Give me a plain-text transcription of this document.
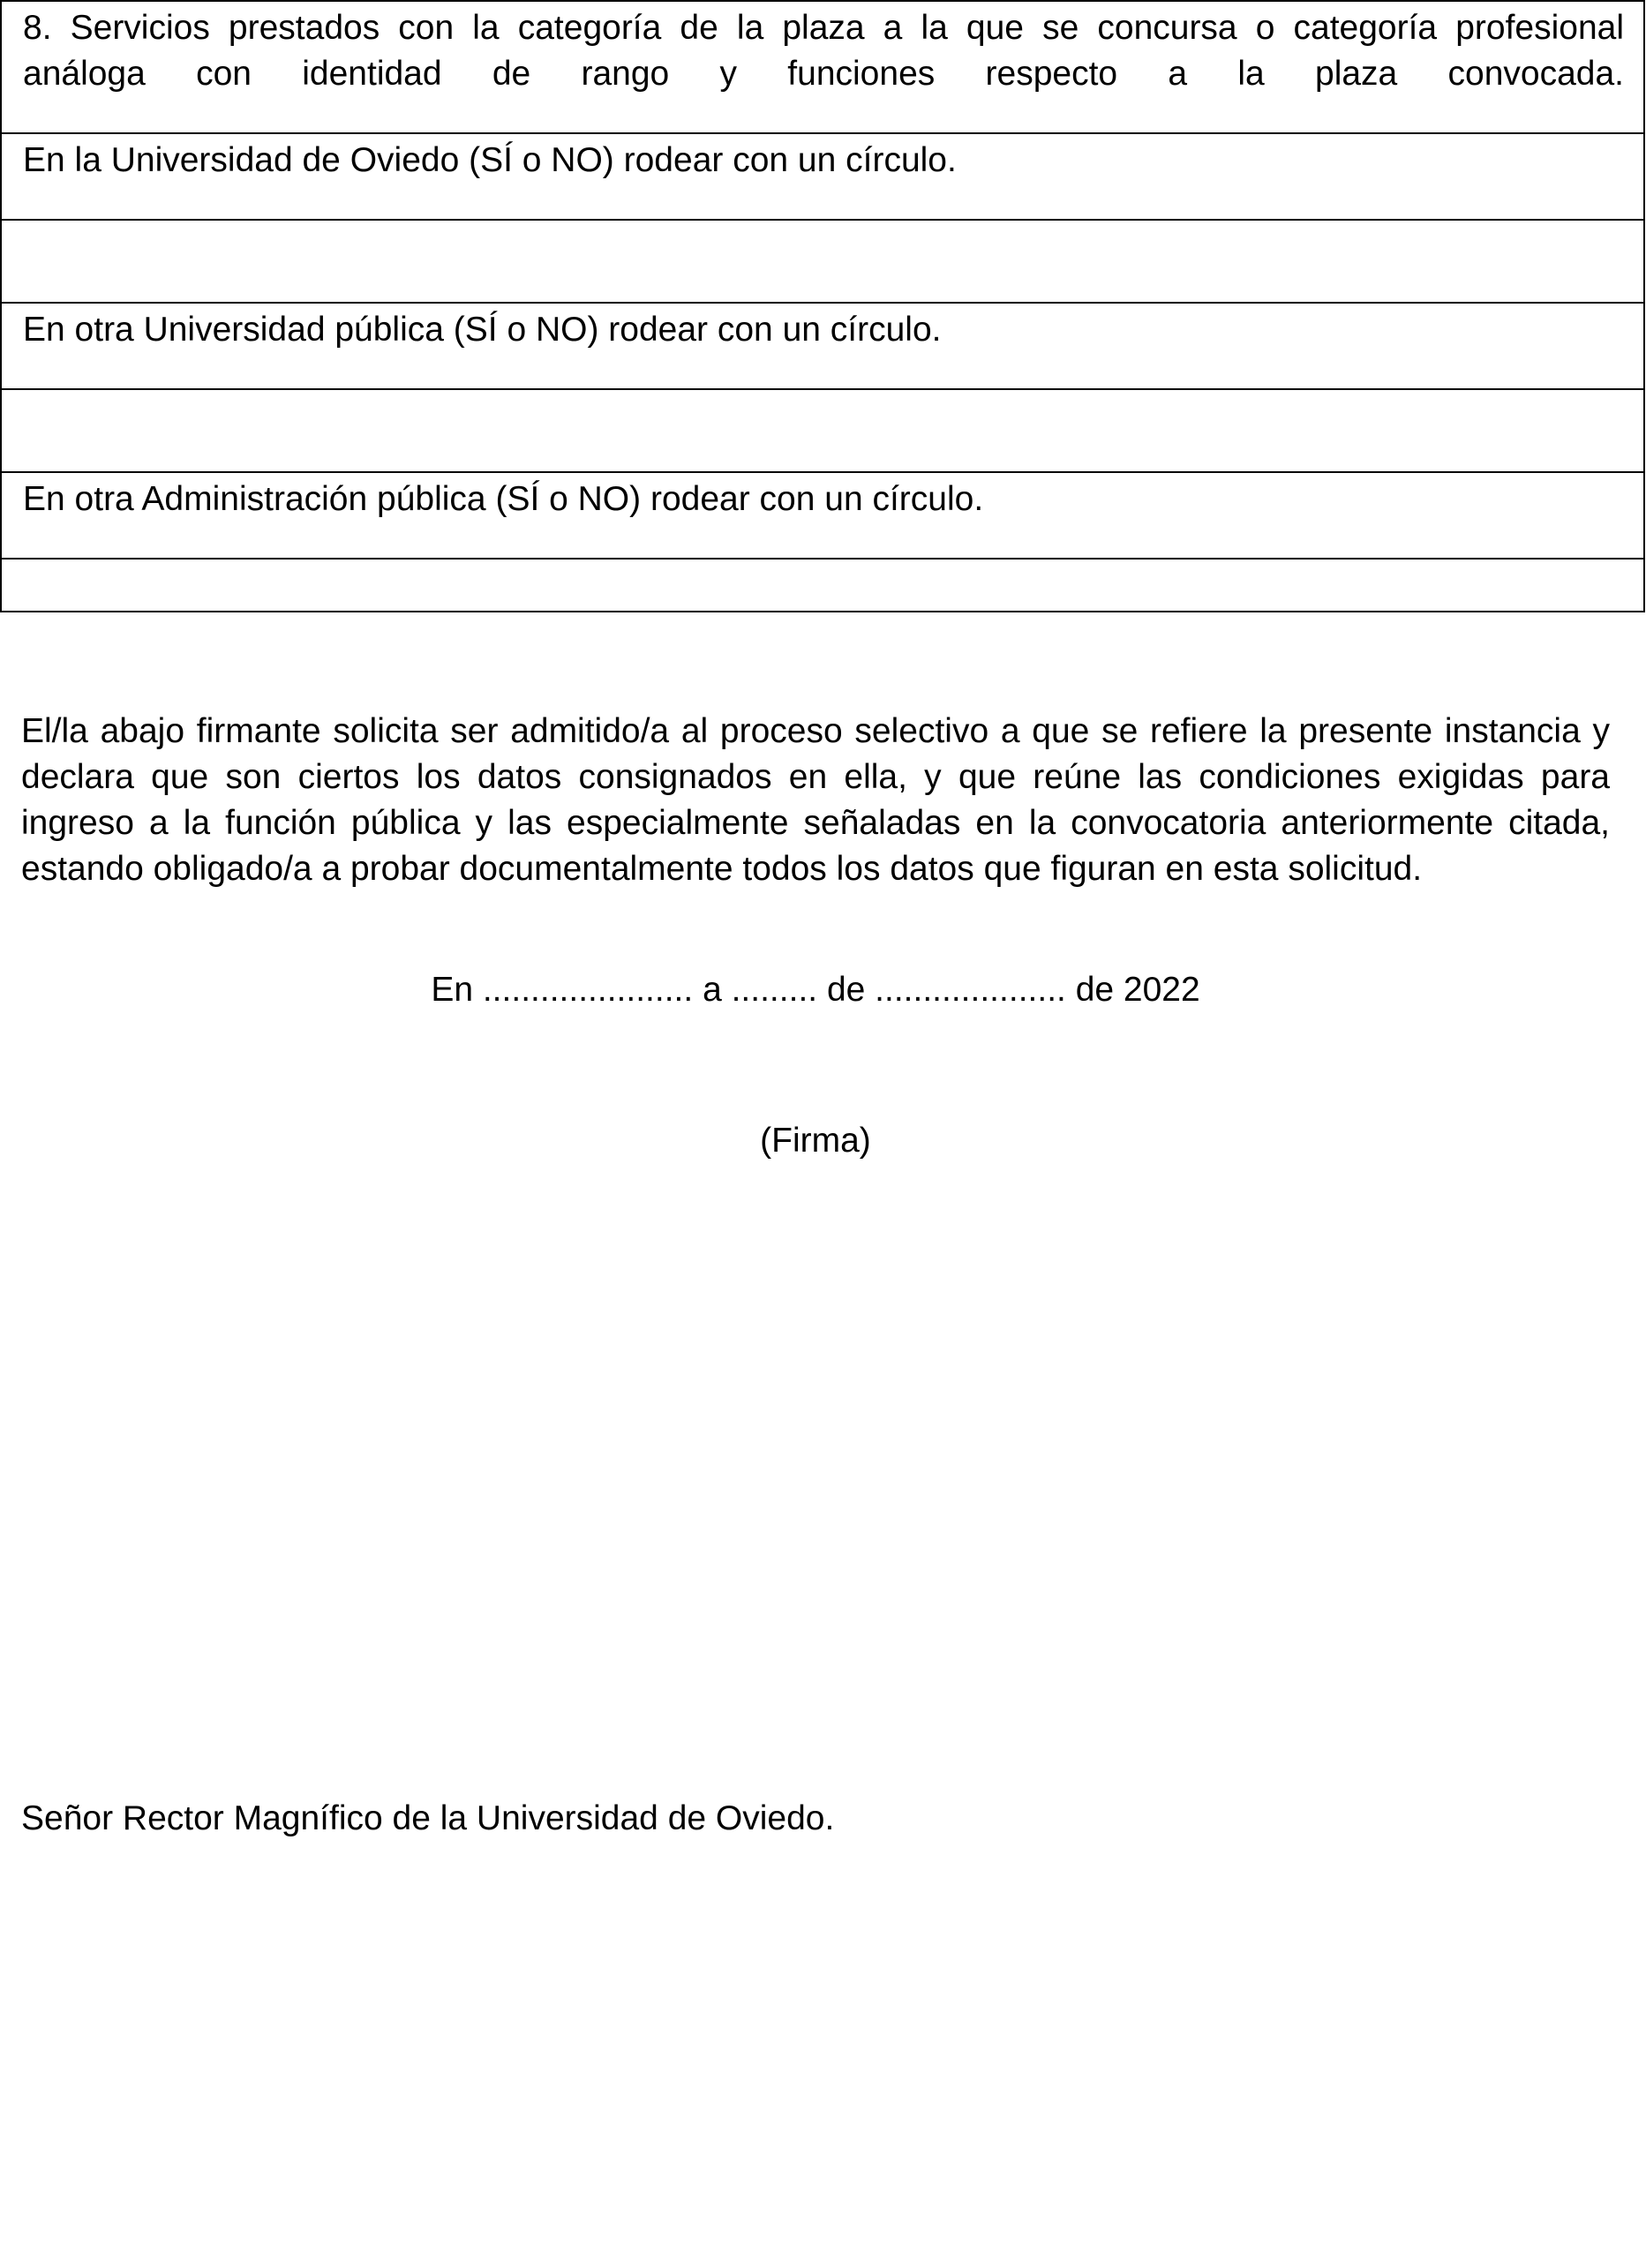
8. Servicios prestados con la categoría de la plaza a la que se concursa o categoría profesional
análoga con identidad de rango y funciones respecto a la plaza convocada.

En la Universidad de Oviedo (SÍ o NO) rodear con un círculo.

En otra Universidad pública (SÍ o NO) rodear con un círculo.

En otra Administración pública (SÍ o NO) rodear con un círculo.

El/la abajo firmante solicita ser admitido/a al proceso selectivo a que se refiere la presente instancia y declara que son ciertos los datos consignados en ella, y que reúne las condiciones exigidas para ingreso a la función pública y las especialmente señaladas en la convocatoria anteriormente citada, estando obligado/a a probar documentalmente todos los datos que figuran en esta solicitud.

En ...................... a ......... de .................... de 2022

(Firma)

Señor Rector Magnífico de la Universidad de Oviedo.
